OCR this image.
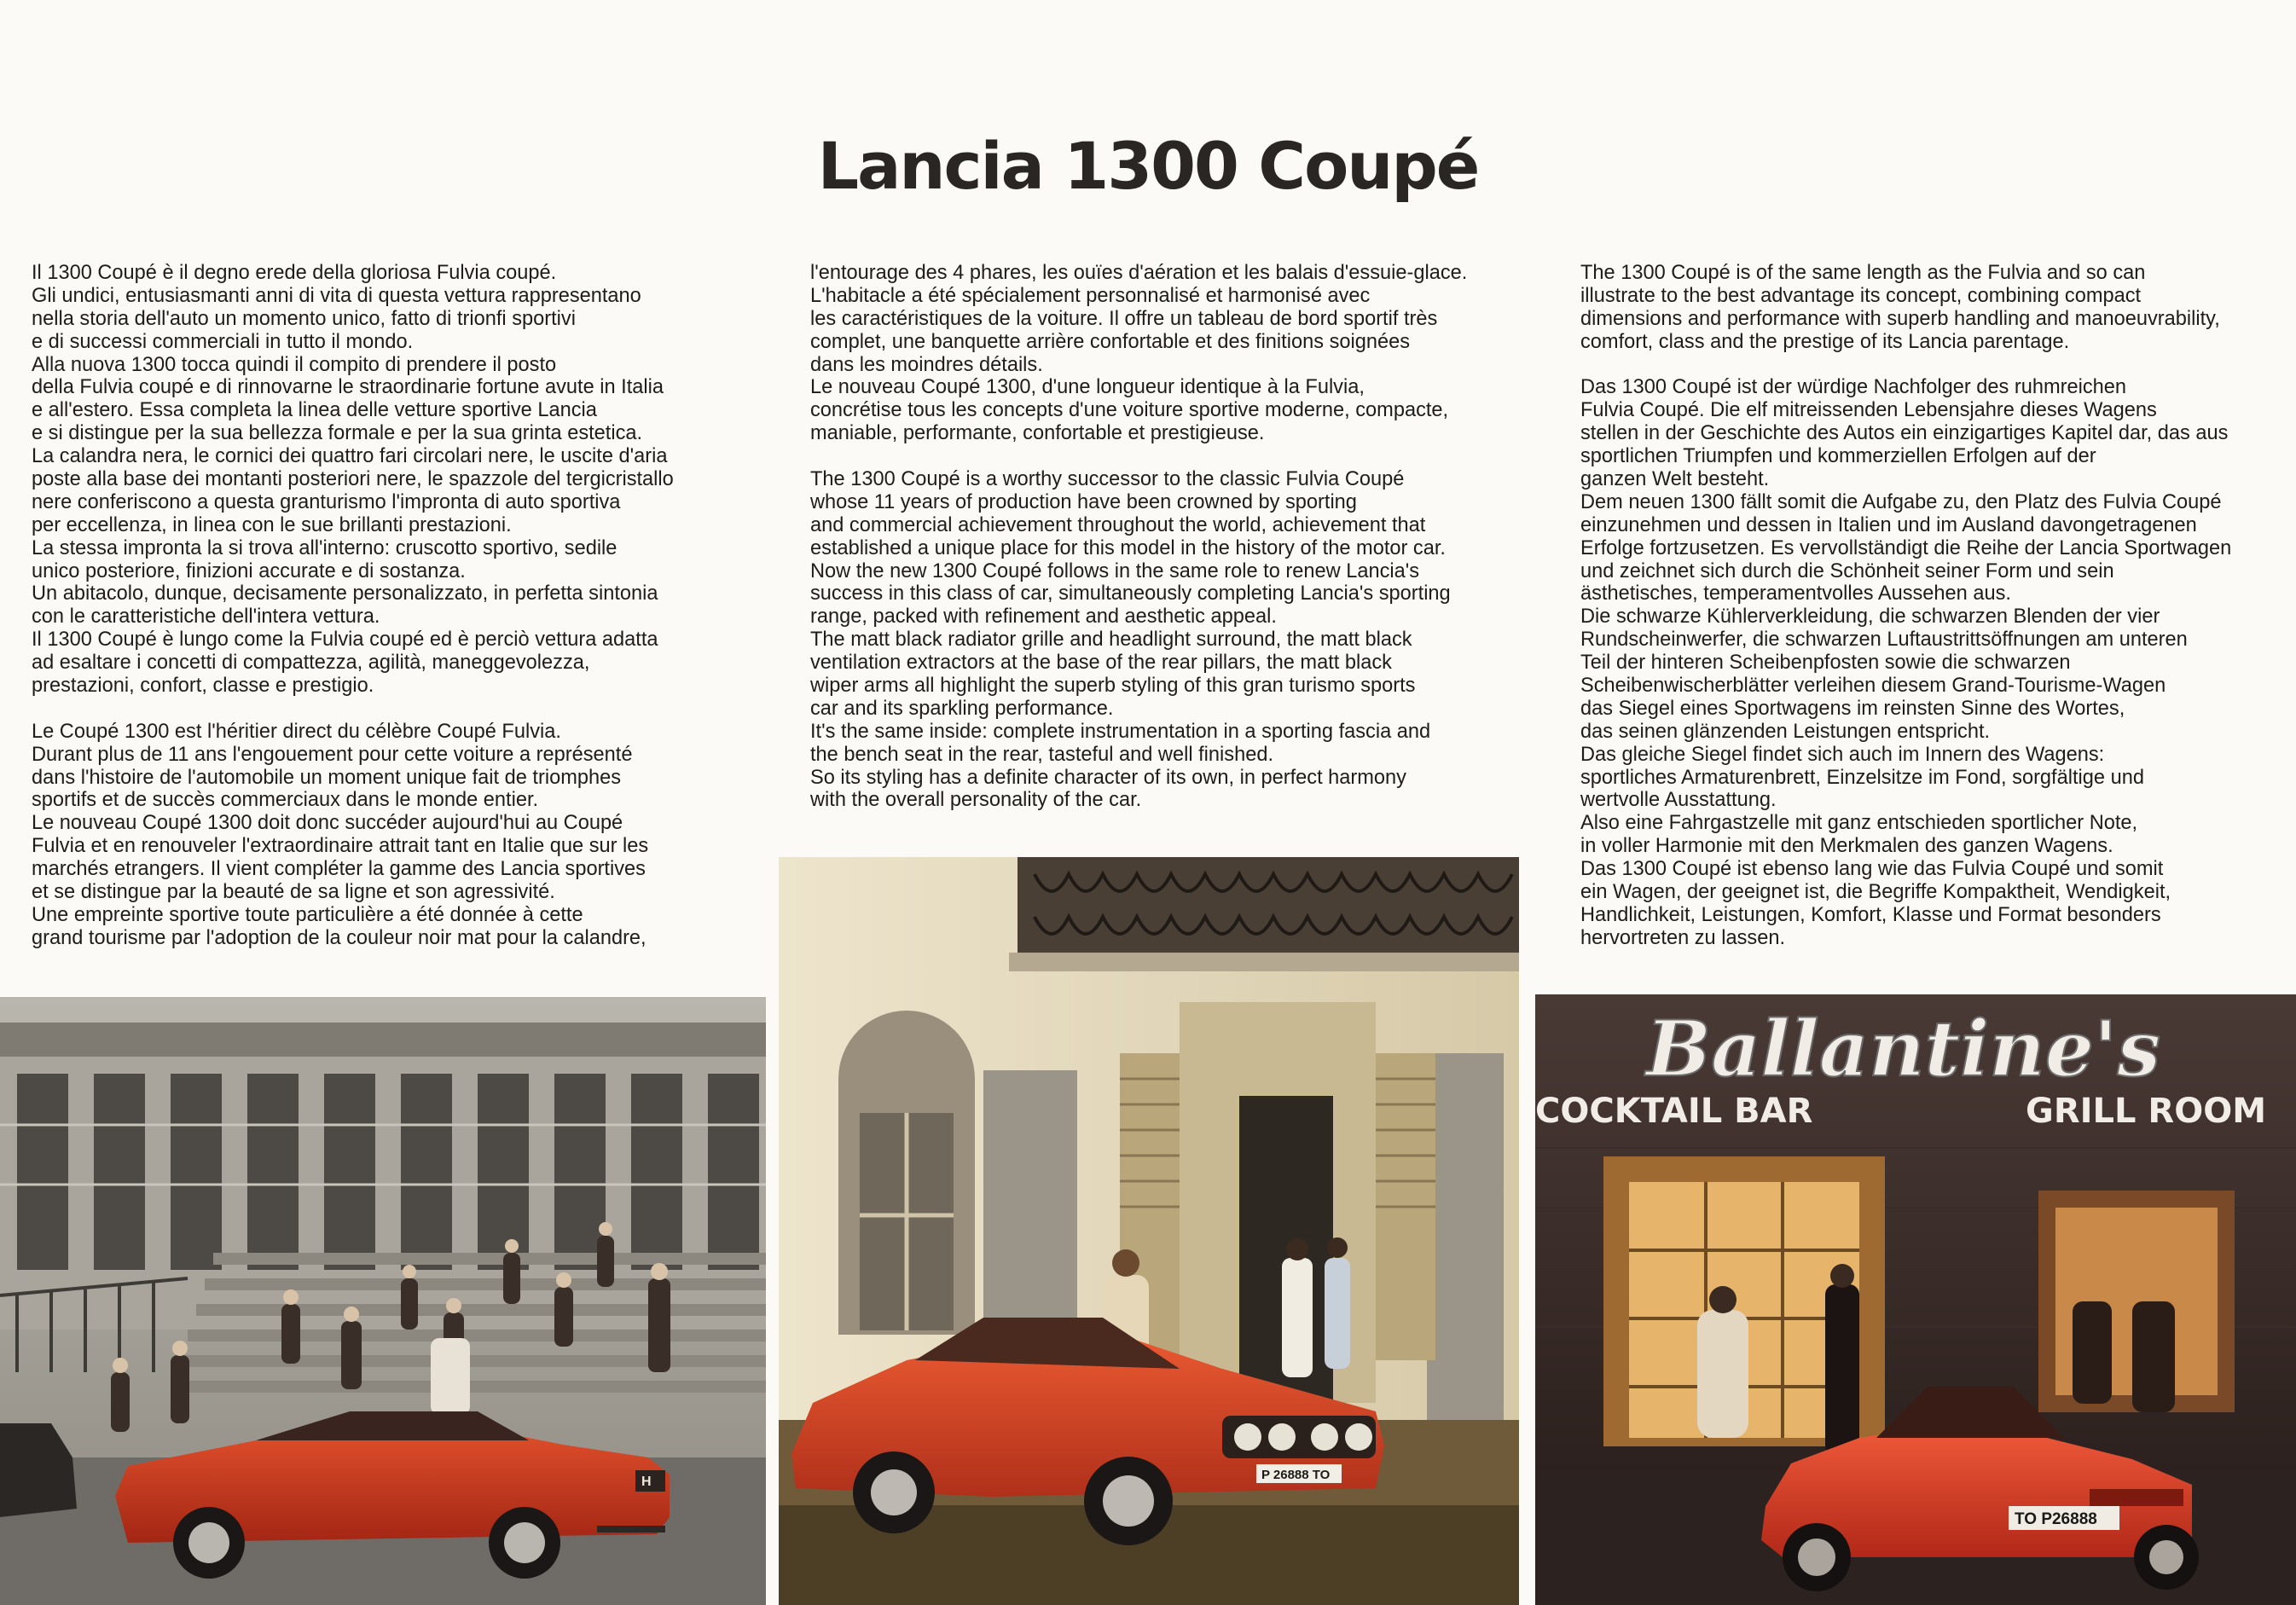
Lancia 1300 Coupé
Il 1300 Coupé è il degno erede della gloriosa Fulvia coupé.
Gli undici, entusiasmanti anni di vita di questa vettura rappresentano
nella storia dell'auto un momento unico, fatto di trionfi sportivi
e di successi commerciali in tutto il mondo.
Alla nuova 1300 tocca quindi il compito di prendere il posto
della Fulvia coupé e di rinnovarne le straordinarie fortune avute in Italia
e all'estero. Essa completa la linea delle vetture sportive Lancia
e si distingue per la sua bellezza formale e per la sua grinta estetica.
La calandra nera, le cornici dei quattro fari circolari nere, le uscite d'aria
poste alla base dei montanti posteriori nere, le spazzole del tergicristallo
nere conferiscono a questa granturismo l'impronta di auto sportiva
per eccellenza, in linea con le sue brillanti prestazioni.
La stessa impronta la si trova all'interno: cruscotto sportivo, sedile
unico posteriore, finizioni accurate e di sostanza.
Un abitacolo, dunque, decisamente personalizzato, in perfetta sintonia
con le caratteristiche dell'intera vettura.
Il 1300 Coupé è lungo come la Fulvia coupé ed è perciò vettura adatta
ad esaltare i concetti di compattezza, agilità, maneggevolezza,
prestazioni, confort, classe e prestigio.
Le Coupé 1300 est l'héritier direct du célèbre Coupé Fulvia.
Durant plus de 11 ans l'engouement pour cette voiture a représenté
dans l'histoire de l'automobile un moment unique fait de triomphes
sportifs et de succès commerciaux dans le monde entier.
Le nouveau Coupé 1300 doit donc succéder aujourd'hui au Coupé
Fulvia et en renouveler l'extraordinaire attrait tant en Italie que sur les
marchés etrangers. Il vient compléter la gamme des Lancia sportives
et se distingue par la beauté de sa ligne et son agressivité.
Une empreinte sportive toute particulière a été donnée à cette
grand tourisme par l'adoption de la couleur noir mat pour la calandre,
l'entourage des 4 phares, les ouïes d'aération et les balais d'essuie-glace.
L'habitacle a été spécialement personnalisé et harmonisé avec
les caractéristiques de la voiture. Il offre un tableau de bord sportif très
complet, une banquette arrière confortable et des finitions soignées
dans les moindres détails.
Le nouveau Coupé 1300, d'une longueur identique à la Fulvia,
concrétise tous les concepts d'une voiture sportive moderne, compacte,
maniable, performante, confortable et prestigieuse.
The 1300 Coupé is a worthy successor to the classic Fulvia Coupé
whose 11 years of production have been crowned by sporting
and commercial achievement throughout the world, achievement that
established a unique place for this model in the history of the motor car.
Now the new 1300 Coupé follows in the same role to renew Lancia's
success in this class of car, simultaneously completing Lancia's sporting
range, packed with refinement and aesthetic appeal.
The matt black radiator grille and headlight surround, the matt black
ventilation extractors at the base of the rear pillars, the matt black
wiper arms all highlight the superb styling of this gran turismo sports
car and its sparkling performance.
It's the same inside: complete instrumentation in a sporting fascia and
the bench seat in the rear, tasteful and well finished.
So its styling has a definite character of its own, in perfect harmony
with the overall personality of the car.
The 1300 Coupé is of the same length as the Fulvia and so can
illustrate to the best advantage its concept, combining compact
dimensions and performance with superb handling and manoeuvrability,
comfort, class and the prestige of its Lancia parentage.
Das 1300 Coupé ist der würdige Nachfolger des ruhmreichen
Fulvia Coupé. Die elf mitreissenden Lebensjahre dieses Wagens
stellen in der Geschichte des Autos ein einzigartiges Kapitel dar, das aus
sportlichen Triumpfen und kommerziellen Erfolgen auf der
ganzen Welt besteht.
Dem neuen 1300 fällt somit die Aufgabe zu, den Platz des Fulvia Coupé
einzunehmen und dessen in Italien und im Ausland davongetragenen
Erfolge fortzusetzen. Es vervollständigt die Reihe der Lancia Sportwagen
und zeichnet sich durch die Schönheit seiner Form und sein
ästhetisches, temperamentvolles Aussehen aus.
Die schwarze Kühlerverkleidung, die schwarzen Blenden der vier
Rundscheinwerfer, die schwarzen Luftaustrittsöffnungen am unteren
Teil der hinteren Scheibenpfosten sowie die schwarzen
Scheibenwischerblätter verleihen diesem Grand-Tourisme-Wagen
das Siegel eines Sportwagens im reinsten Sinne des Wortes,
das seinen glänzenden Leistungen entspricht.
Das gleiche Siegel findet sich auch im Innern des Wagens:
sportliches Armaturenbrett, Einzelsitze im Fond, sorgfältige und
wertvolle Ausstattung.
Also eine Fahrgastzelle mit ganz entschieden sportlicher Note,
in voller Harmonie mit den Merkmalen des ganzen Wagens.
Das 1300 Coupé ist ebenso lang wie das Fulvia Coupé und somit
ein Wagen, der geeignet ist, die Begriffe Kompaktheit, Wendigkeit,
Handlichkeit, Leistungen, Komfort, Klasse und Format besonders
hervortreten zu lassen.
H	P 26888 TO
Ballantine's
COCKTAIL BAR	GRILL ROOM
TO P26888
